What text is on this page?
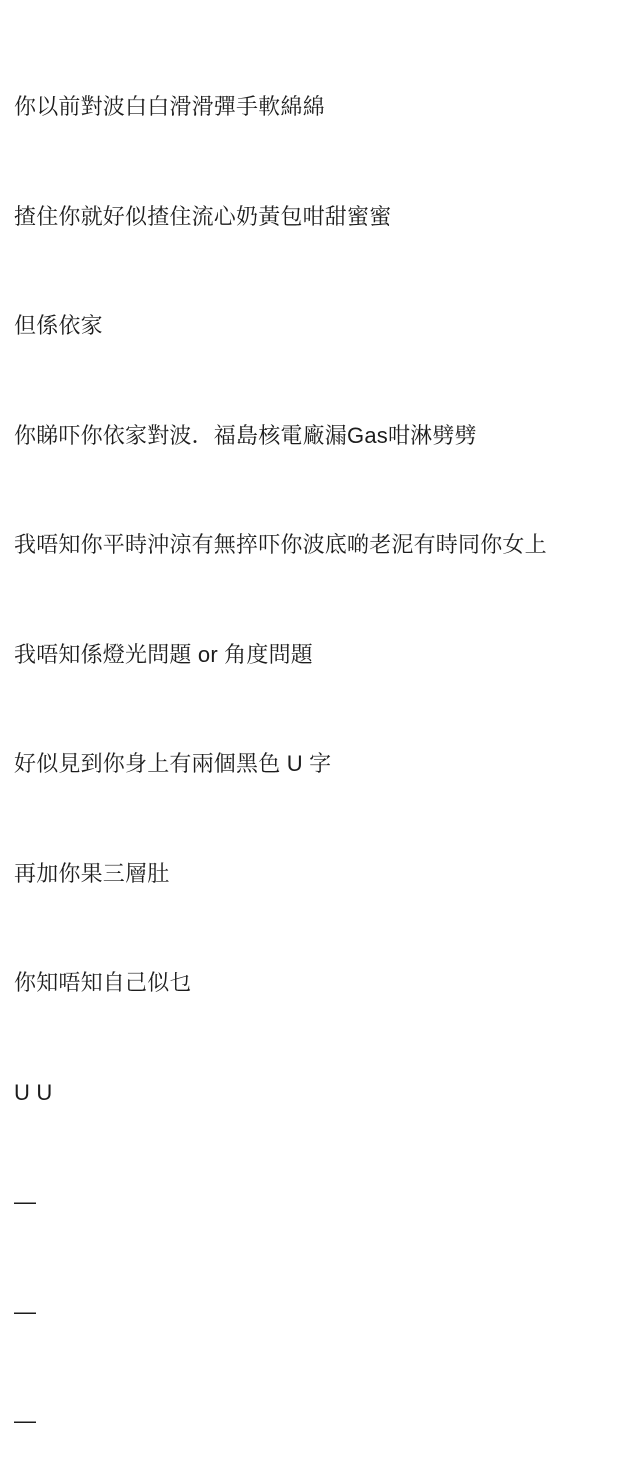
你以前對波白白滑滑彈手軟綿綿

揸住你就好似揸住流心奶黃包咁甜蜜蜜

但係依家

你睇吓你依家對波．福島核電廠漏Gas咁淋劈劈

我唔知你平時沖涼有無捽吓你波底啲老泥有時同你女上

我唔知係燈光問題 or 角度問題

好似見到你身上有兩個黑色 U 字

再加你果三層肚

你知唔知自己似乜

U U

—

—

—
